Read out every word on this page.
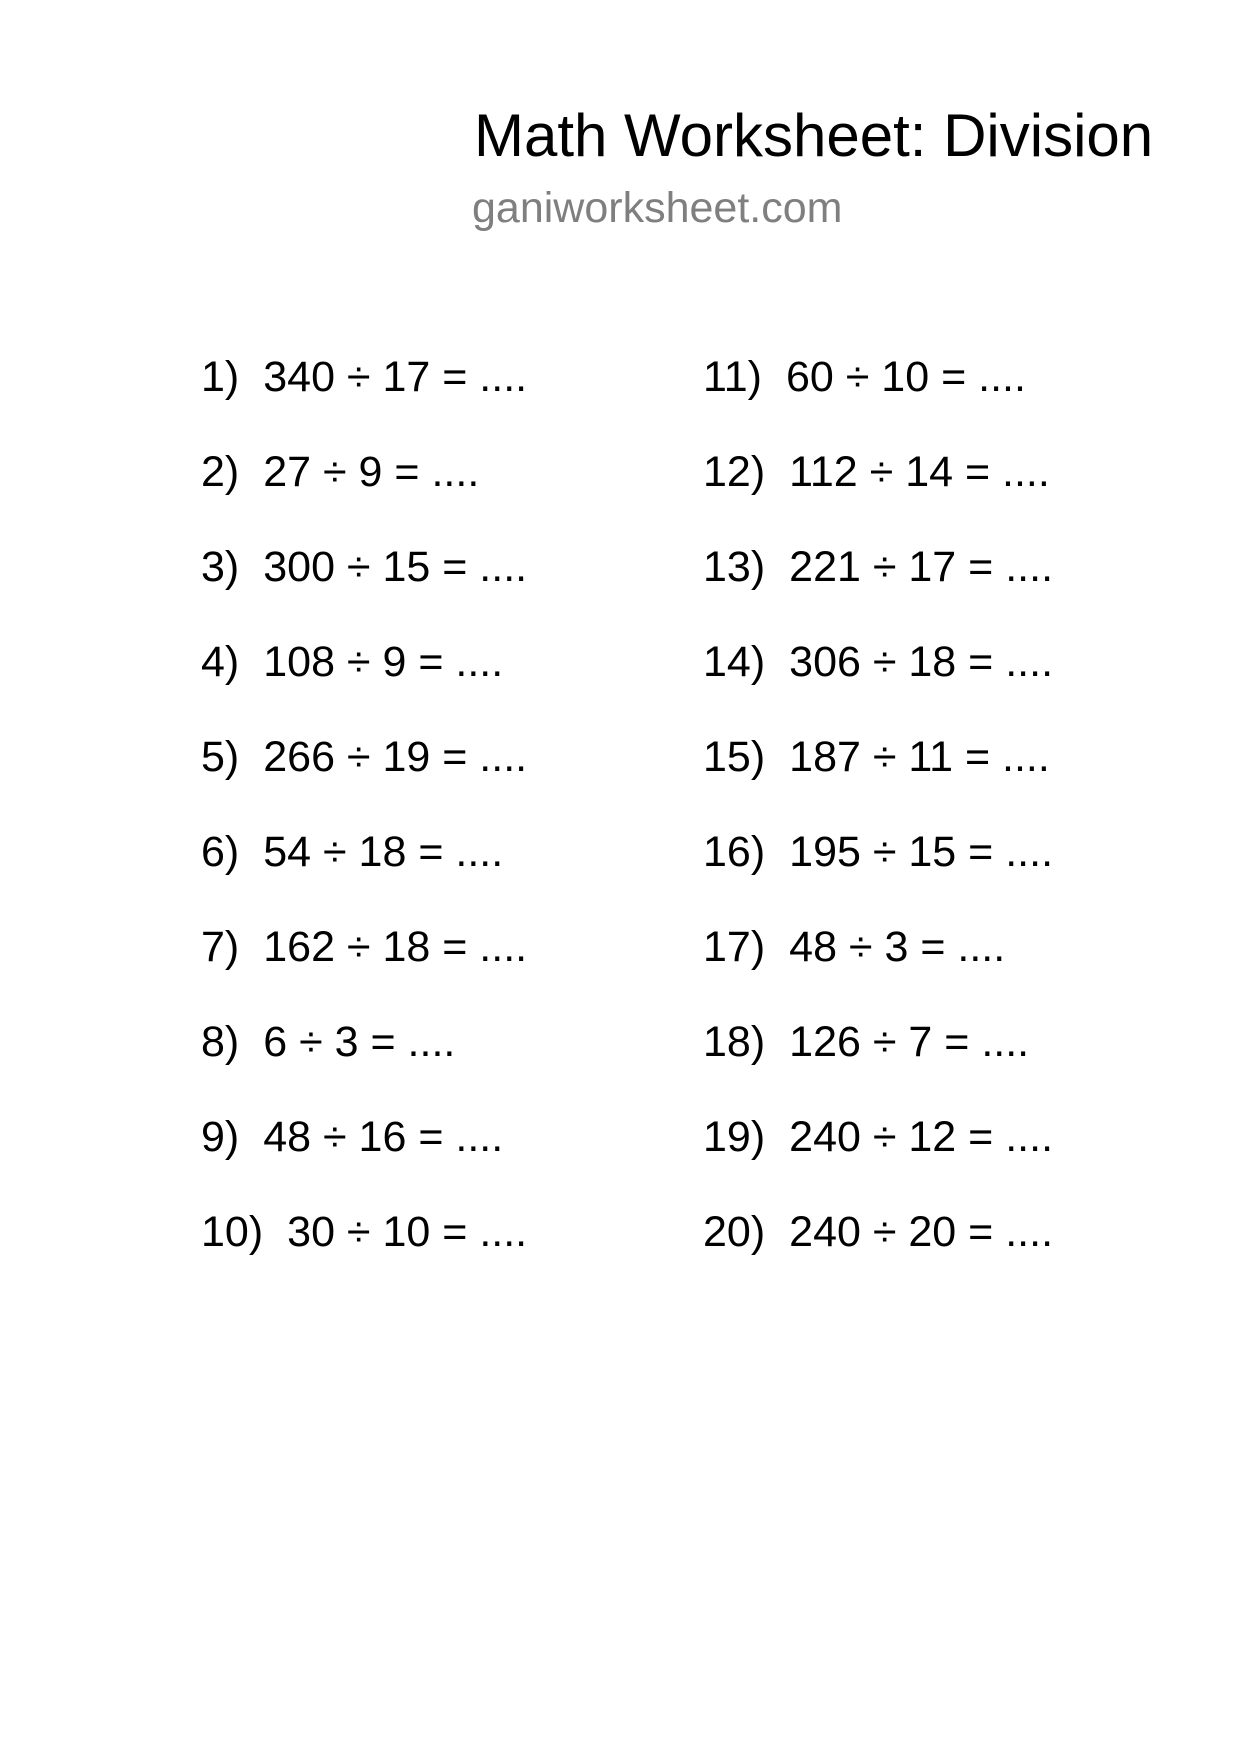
Math Worksheet: Division
ganiworksheet.com
1) 340 ÷ 17 = ....
2) 27 ÷ 9 = ....
3) 300 ÷ 15 = ....
4) 108 ÷ 9 = ....
5) 266 ÷ 19 = ....
6) 54 ÷ 18 = ....
7) 162 ÷ 18 = ....
8) 6 ÷ 3 = ....
9) 48 ÷ 16 = ....
10) 30 ÷ 10 = ....
11) 60 ÷ 10 = ....
12) 112 ÷ 14 = ....
13) 221 ÷ 17 = ....
14) 306 ÷ 18 = ....
15) 187 ÷ 11 = ....
16) 195 ÷ 15 = ....
17) 48 ÷ 3 = ....
18) 126 ÷ 7 = ....
19) 240 ÷ 12 = ....
20) 240 ÷ 20 = ....
